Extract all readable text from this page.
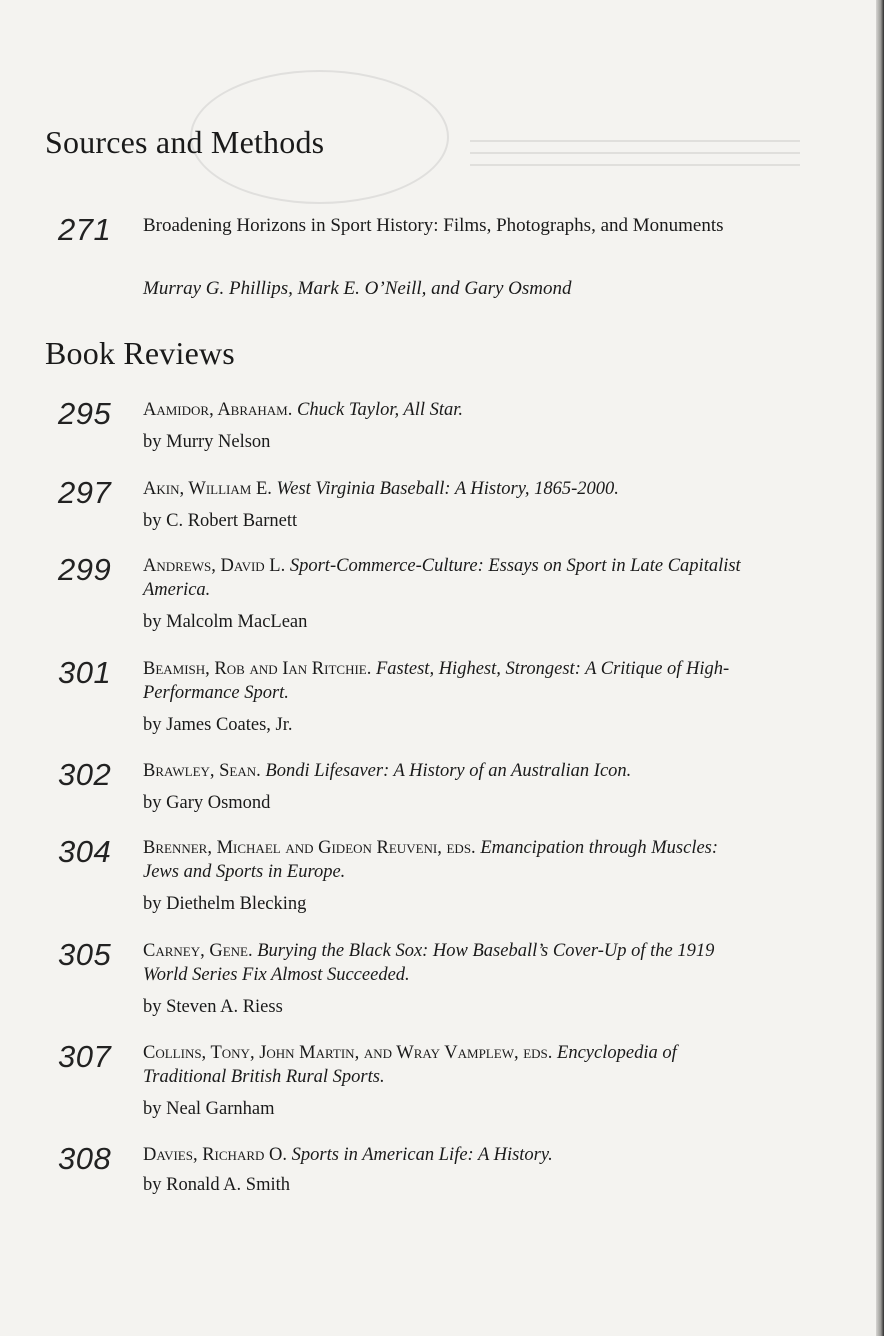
Sources and Methods
271 Broadening Horizons in Sport History: Films, Photographs, and Monuments
Murray G. Phillips, Mark E. O’Neill, and Gary Osmond
Book Reviews
295 Aamidor, Abraham. Chuck Taylor, All Star.
by Murry Nelson
297 Akin, William E. West Virginia Baseball: A History, 1865-2000.
by C. Robert Barnett
299 Andrews, David L. Sport-Commerce-Culture: Essays on Sport in Late Capitalist America.
by Malcolm MacLean
301 Beamish, Rob and Ian Ritchie. Fastest, Highest, Strongest: A Critique of High-Performance Sport.
by James Coates, Jr.
302 Brawley, Sean. Bondi Lifesaver: A History of an Australian Icon.
by Gary Osmond
304 Brenner, Michael and Gideon Reuveni, eds. Emancipation through Muscles: Jews and Sports in Europe.
by Diethelm Blecking
305 Carney, Gene. Burying the Black Sox: How Baseball’s Cover-Up of the 1919 World Series Fix Almost Succeeded.
by Steven A. Riess
307 Collins, Tony, John Martin, and Wray Vamplew, eds. Encyclopedia of Traditional British Rural Sports.
by Neal Garnham
308 Davies, Richard O. Sports in American Life: A History.
by Ronald A. Smith
